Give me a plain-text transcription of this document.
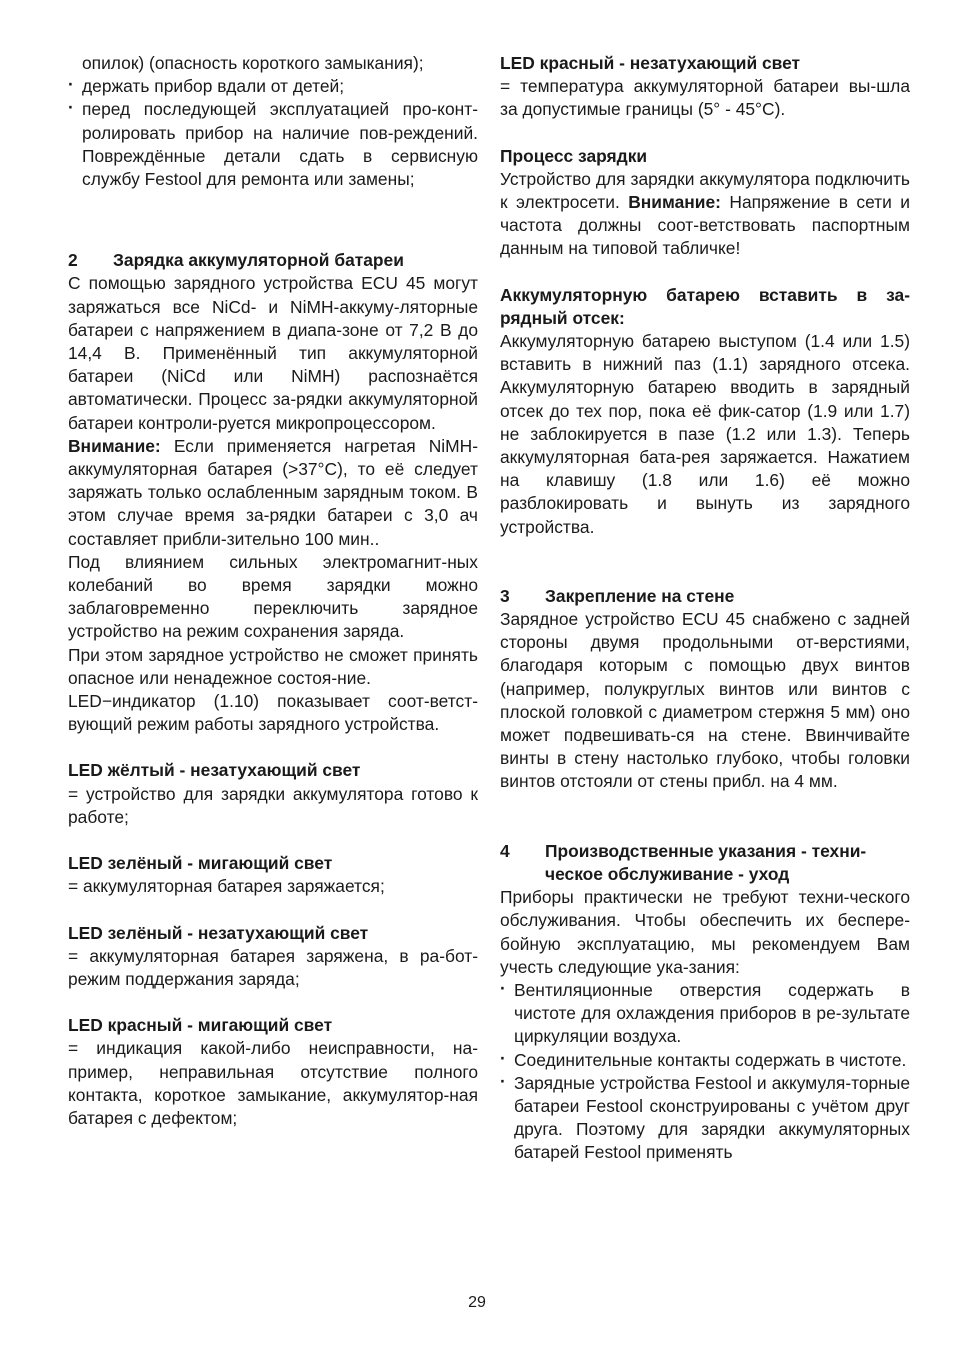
опилок) (опасность короткого замыкания);

· держать прибор вдали от детей;
· перед последующей эксплуатацией про-конт-ролировать прибор на наличие пов-реждений. Повреждённые детали сдать в сервисную службу Festool для ремонта или замены;
2	Зарядка аккумуляторной батареи

С помощью зарядного устройства ECU 45 могут заряжаться все NiCd- и NiMH-аккуму-ляторные батареи с напряжением в диапа-зоне от 7,2 В до 14,4 В. Применённый тип аккумуляторной батареи (NiCd или NiMH) распознаётся автоматически. Процесс за-рядки аккумуляторной батареи контроли-руется микропроцессором.

Внимание: Если применяется нагретая NiMH-аккумуляторная батарея (>37°C), то её следует заряжать только ослабленным зарядным током. В этом случае время за-рядки батареи с 3,0 ач составляет прибли-зительно 100 мин..

Под влиянием сильных электромагнит-ных колебаний во время зарядки можно заблаговременно переключить зарядное устройство на режим сохранения заряда.

При этом зарядное устройство не сможет принять опасное или ненадежное состоя-ние.

LED−индикатор (1.10) показывает соот-ветст-вующий режим работы зарядного устройства.

LED жёлтый - незатухающий свет

= устройство для зарядки аккумулятора готово к работе;

LED зелёный - мигающий свет

= аккумуляторная батарея заряжается;

LED зелёный - незатухающий свет

= аккумуляторная батарея заряжена, в ра-бот- режим поддержания заряда;

LED красный - мигающий свет

= индикация какой-либо неисправности, на-пример, неправильная отсутствие полного контакта, короткое замыкание, аккумулятор-ная батарея с дефектом;

LED красный - незатухающий свет

= температура аккумуляторной батареи вы-шла за допустимые границы (5° - 45°C).

Процесс зарядки

Устройство для зарядки аккумулятора подключить к электросети. Внимание: Напряжение в сети и частота должны соот-ветствовать паспортным данным на типовой табличке!

Аккумуляторную батарею вставить в за-рядный отсек:

Аккумуляторную батарею выступом (1.4 или 1.5) вставить в нижний паз (1.1) зарядного отсека. Аккумуляторную батарею вводить в зарядный отсек до тех пор, пока её фик-сатор (1.9 или 1.7) не заблокируется в пазе (1.2 или 1.3). Теперь аккумуляторная бата-рея заряжается. Нажатием на клавишу (1.8 или 1.6) её можно разблокировать и вынуть из зарядного устройства.

3	Закрепление на стене

Зарядное устройство ECU 45 снабжено с задней стороны двумя продольными от-верстиями, благодаря которым с помощью двух винтов (например, полукруглых винтов или винтов с плоской головкой с диаметром стержня 5 мм) оно может подвешивать-ся на стене. Ввинчивайте винты в стену настолько глубоко, чтобы головки винтов отстояли от стены прибл. на 4 мм.

4	Производственные указания - техни-ческое обслуживание - уход

Приборы практически не требуют техни-ческого обслуживания. Чтобы обеспечить их беспере-бойную эксплуатацию, мы рекомендуем Вам учесть следующие ука-зания:

· Вентиляционные отверстия содержать в чистоте для охлаждения приборов в ре-зультате циркуляции воздуха.
· Соединительные контакты содержать в чистоте.
· Зарядные устройства Festool и аккумуля-торные батареи Festool сконструированы с учётом друг друга. Поэтому для зарядки аккумуляторных батарей Festool применять
29
